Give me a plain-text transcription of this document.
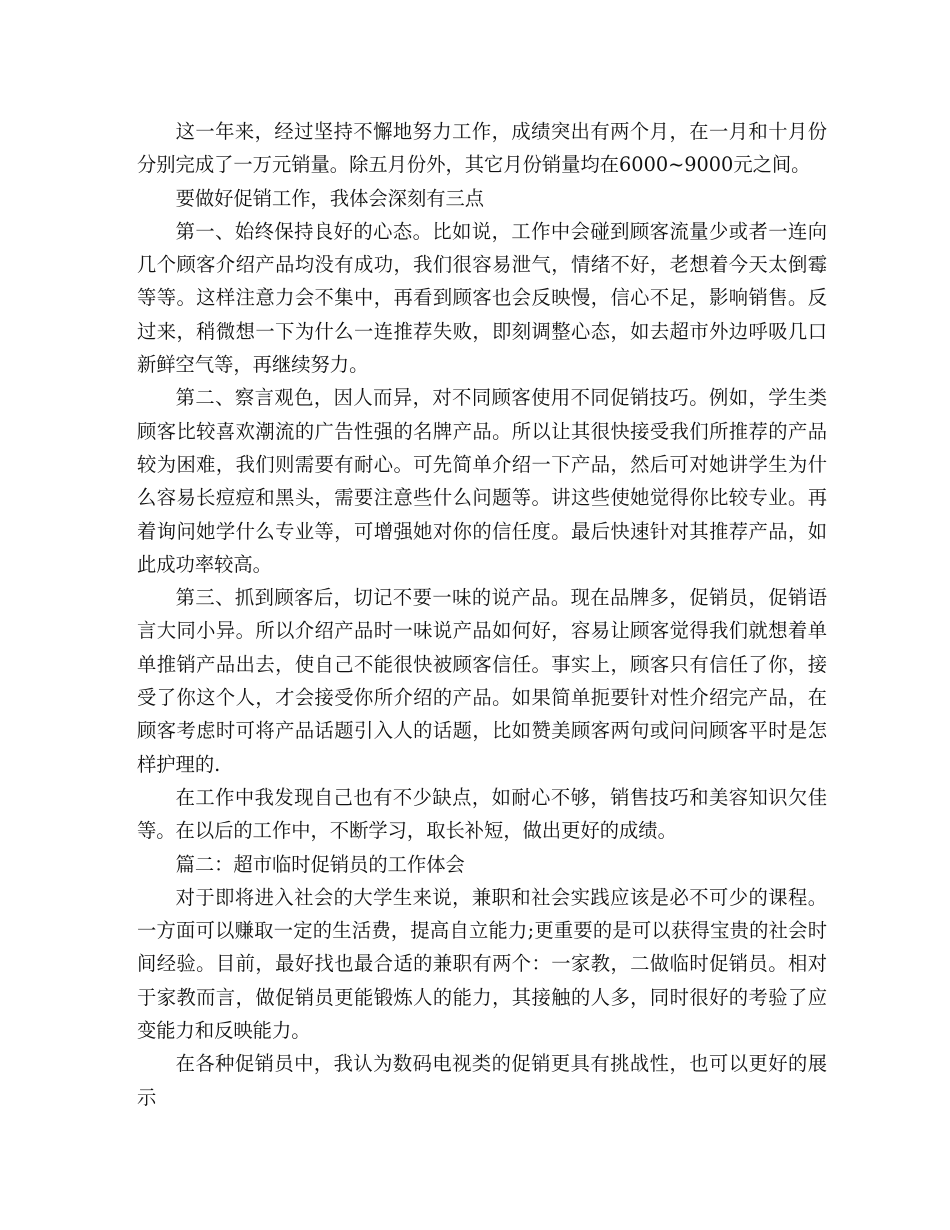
这一年来，经过坚持不懈地努力工作，成绩突出有两个月，在一月和十月份分别完成了一万元销量。除五月份外，其它月份销量均在6000~9000元之间。

要做好促销工作，我体会深刻有三点

第一、始终保持良好的心态。比如说，工作中会碰到顾客流量少或者一连向几个顾客介绍产品均没有成功，我们很容易泄气，情绪不好，老想着今天太倒霉等等。这样注意力会不集中，再看到顾客也会反映慢，信心不足，影响销售。反过来，稍微想一下为什么一连推荐失败，即刻调整心态，如去超市外边呼吸几口新鲜空气等，再继续努力。

第二、察言观色，因人而异，对不同顾客使用不同促销技巧。例如，学生类顾客比较喜欢潮流的广告性强的名牌产品。所以让其很快接受我们所推荐的产品较为困难，我们则需要有耐心。可先简单介绍一下产品，然后可对她讲学生为什么容易长痘痘和黑头，需要注意些什么问题等。讲这些使她觉得你比较专业。再着询问她学什么专业等，可增强她对你的信任度。最后快速针对其推荐产品，如此成功率较高。

第三、抓到顾客后，切记不要一味的说产品。现在品牌多，促销员，促销语言大同小异。所以介绍产品时一味说产品如何好，容易让顾客觉得我们就想着单单推销产品出去，使自己不能很快被顾客信任。事实上，顾客只有信任了你，接受了你这个人，才会接受你所介绍的产品。如果简单扼要针对性介绍完产品，在顾客考虑时可将产品话题引入人的话题，比如赞美顾客两句或问问顾客平时是怎样护理的.

在工作中我发现自己也有不少缺点，如耐心不够，销售技巧和美容知识欠佳等。在以后的工作中，不断学习，取长补短，做出更好的成绩。

篇二：超市临时促销员的工作体会

对于即将进入社会的大学生来说，兼职和社会实践应该是必不可少的课程。一方面可以赚取一定的生活费，提高自立能力;更重要的是可以获得宝贵的社会时间经验。目前，最好找也最合适的兼职有两个：一家教，二做临时促销员。相对于家教而言，做促销员更能锻炼人的能力，其接触的人多，同时很好的考验了应变能力和反映能力。

在各种促销员中，我认为数码电视类的促销更具有挑战性，也可以更好的展示
